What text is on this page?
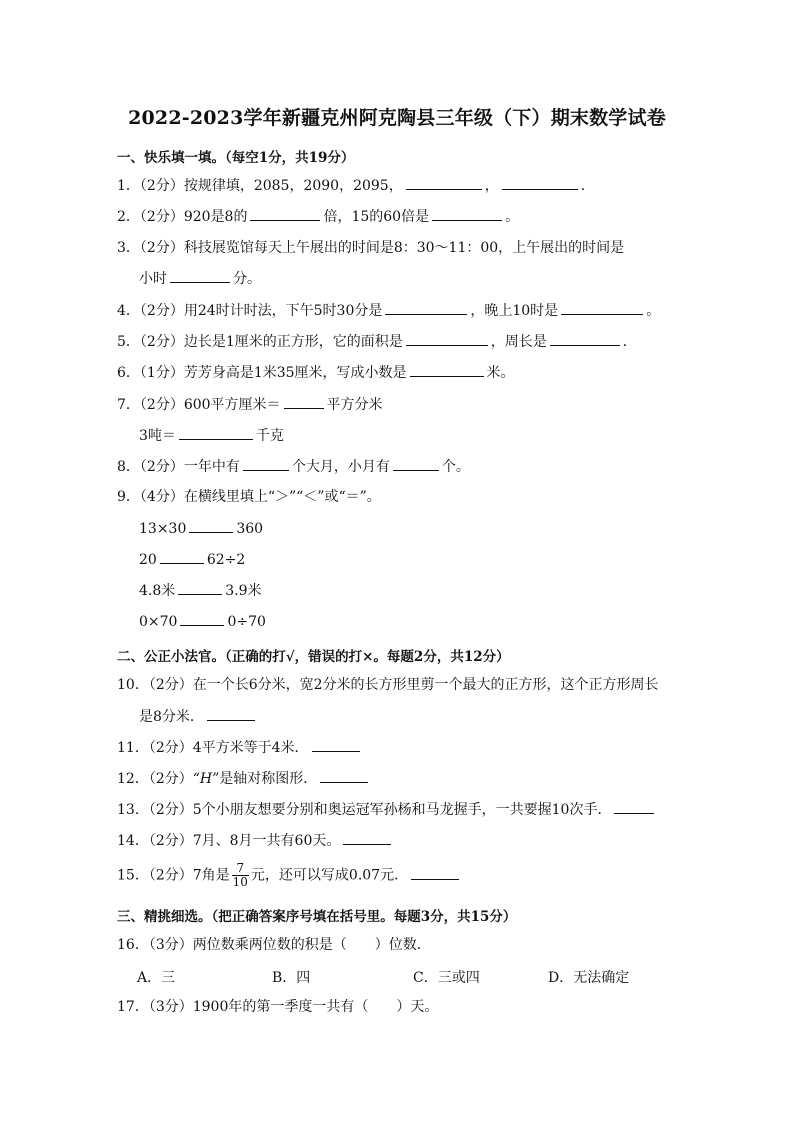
2022-2023学年新疆克州阿克陶县三年级（下）期末数学试卷
一、快乐填一填。（每空1分，共19分）
1．（2分）按规律填，2085，2090，2095，	，	．
2．（2分）920是8的	倍，15的60倍是	。
3．（2分）科技展览馆每天上午展出的时间是8：30～11：00，上午展出的时间是
小时	分。
4．（2分）用24时计时法，下午5时30分是	，晚上10时是	。
5．（2分）边长是1厘米的正方形，它的面积是	，周长是	．
6．（1分）芳芳身高是1米35厘米，写成小数是	米。
7．（2分）600平方厘米＝	平方分米
3吨＝	千克
8．（2分）一年中有	个大月，小月有	个。
9．（4分）在横线里填上“＞”“＜”或“＝”。
13×30	360
20	62÷2
4.8米	3.9米
0×70	0÷70
二、公正小法官。（正确的打√，错误的打×。每题2分，共12分）
10．（2分）在一个长6分米，宽2分米的长方形里剪一个最大的正方形，这个正方形周长
是8分米．
11．（2分）4平方米等于4米．
12．（2分）“H”是轴对称图形．
13．（2分）5个小朋友想要分别和奥运冠军孙杨和马龙握手，一共要握10次手．
14．（2分）7月、8月一共有60天。
15．（2分）7角是 $\frac{7}{10}$ 元，还可以写成0.07元．
三、精挑细选。（把正确答案序号填在括号里。每题3分，共15分）
16．（3分）两位数乘两位数的积是（　　）位数．
A．三	B．四	C．三或四	D．无法确定
17．（3分）1900年的第一季度一共有（　　）天。
